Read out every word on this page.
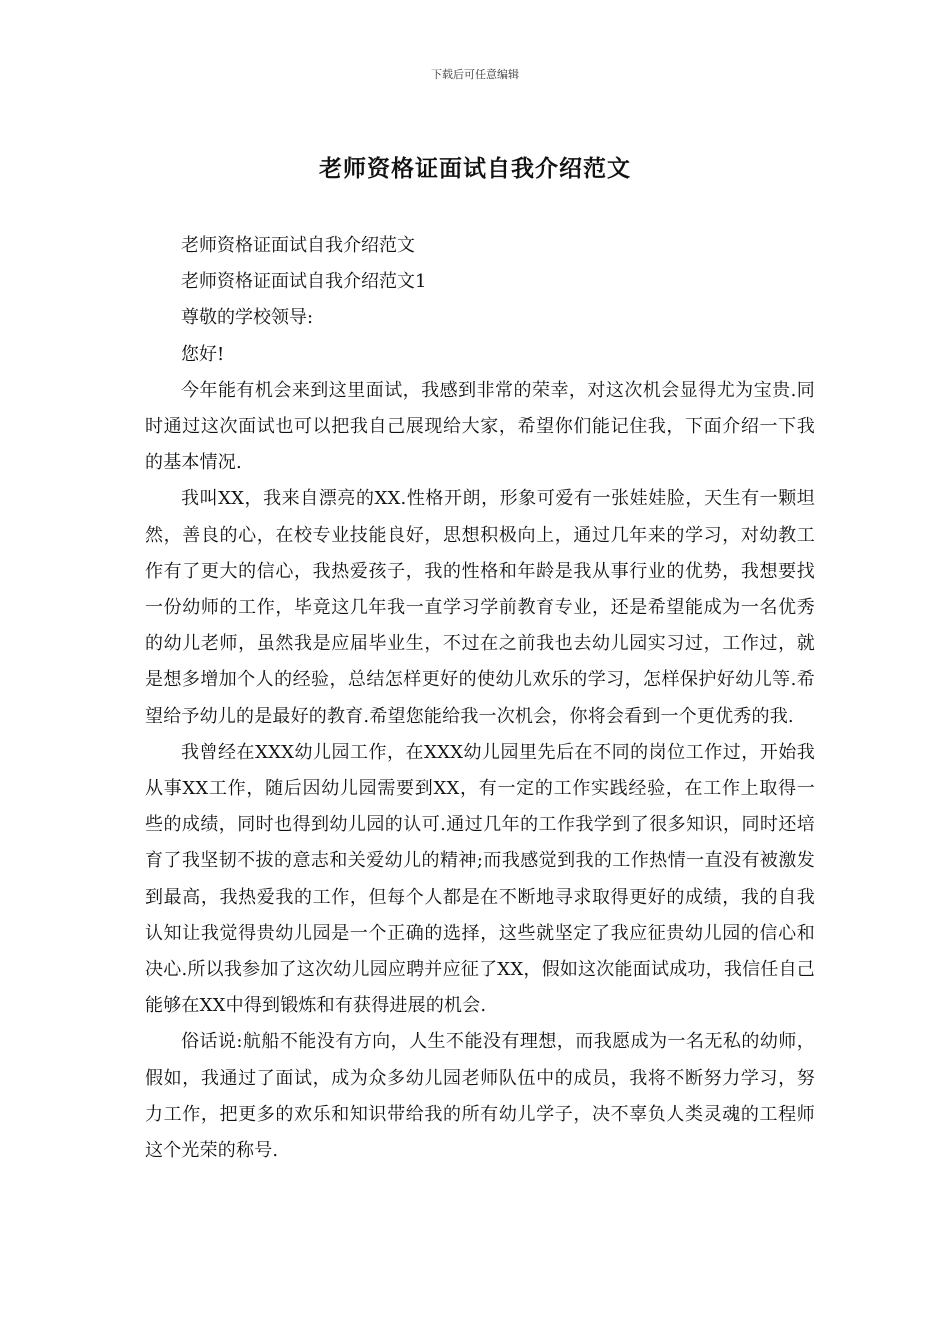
下载后可任意编辑
老师资格证面试自我介绍范文

老师资格证面试自我介绍范文

老师资格证面试自我介绍范文1

尊敬的学校领导:

您好!

今年能有机会来到这里面试，我感到非常的荣幸，对这次机会显得尤为宝贵.同时通过这次面试也可以把我自己展现给大家，希望你们能记住我，下面介绍一下我的基本情况.

我叫XX，我来自漂亮的XX.性格开朗，形象可爱有一张娃娃脸，天生有一颗坦然，善良的心，在校专业技能良好，思想积极向上，通过几年来的学习，对幼教工作有了更大的信心，我热爱孩子，我的性格和年龄是我从事行业的优势，我想要找一份幼师的工作，毕竟这几年我一直学习学前教育专业，还是希望能成为一名优秀的幼儿老师，虽然我是应届毕业生，不过在之前我也去幼儿园实习过，工作过，就是想多增加个人的经验，总结怎样更好的使幼儿欢乐的学习，怎样保护好幼儿等.希望给予幼儿的是最好的教育.希望您能给我一次机会，你将会看到一个更优秀的我.

我曾经在XXX幼儿园工作，在XXX幼儿园里先后在不同的岗位工作过，开始我从事XX工作，随后因幼儿园需要到XX，有一定的工作实践经验，在工作上取得一些的成绩，同时也得到幼儿园的认可.通过几年的工作我学到了很多知识，同时还培育了我坚韧不拔的意志和关爱幼儿的精神;而我感觉到我的工作热情一直没有被激发到最高，我热爱我的工作，但每个人都是在不断地寻求取得更好的成绩，我的自我认知让我觉得贵幼儿园是一个正确的选择，这些就坚定了我应征贵幼儿园的信心和决心.所以我参加了这次幼儿园应聘并应征了XX，假如这次能面试成功，我信任自己能够在XX中得到锻炼和有获得进展的机会.

俗话说:航船不能没有方向，人生不能没有理想，而我愿成为一名无私的幼师，假如，我通过了面试，成为众多幼儿园老师队伍中的成员，我将不断努力学习，努力工作，把更多的欢乐和知识带给我的所有幼儿学子，决不辜负人类灵魂的工程师这个光荣的称号.
